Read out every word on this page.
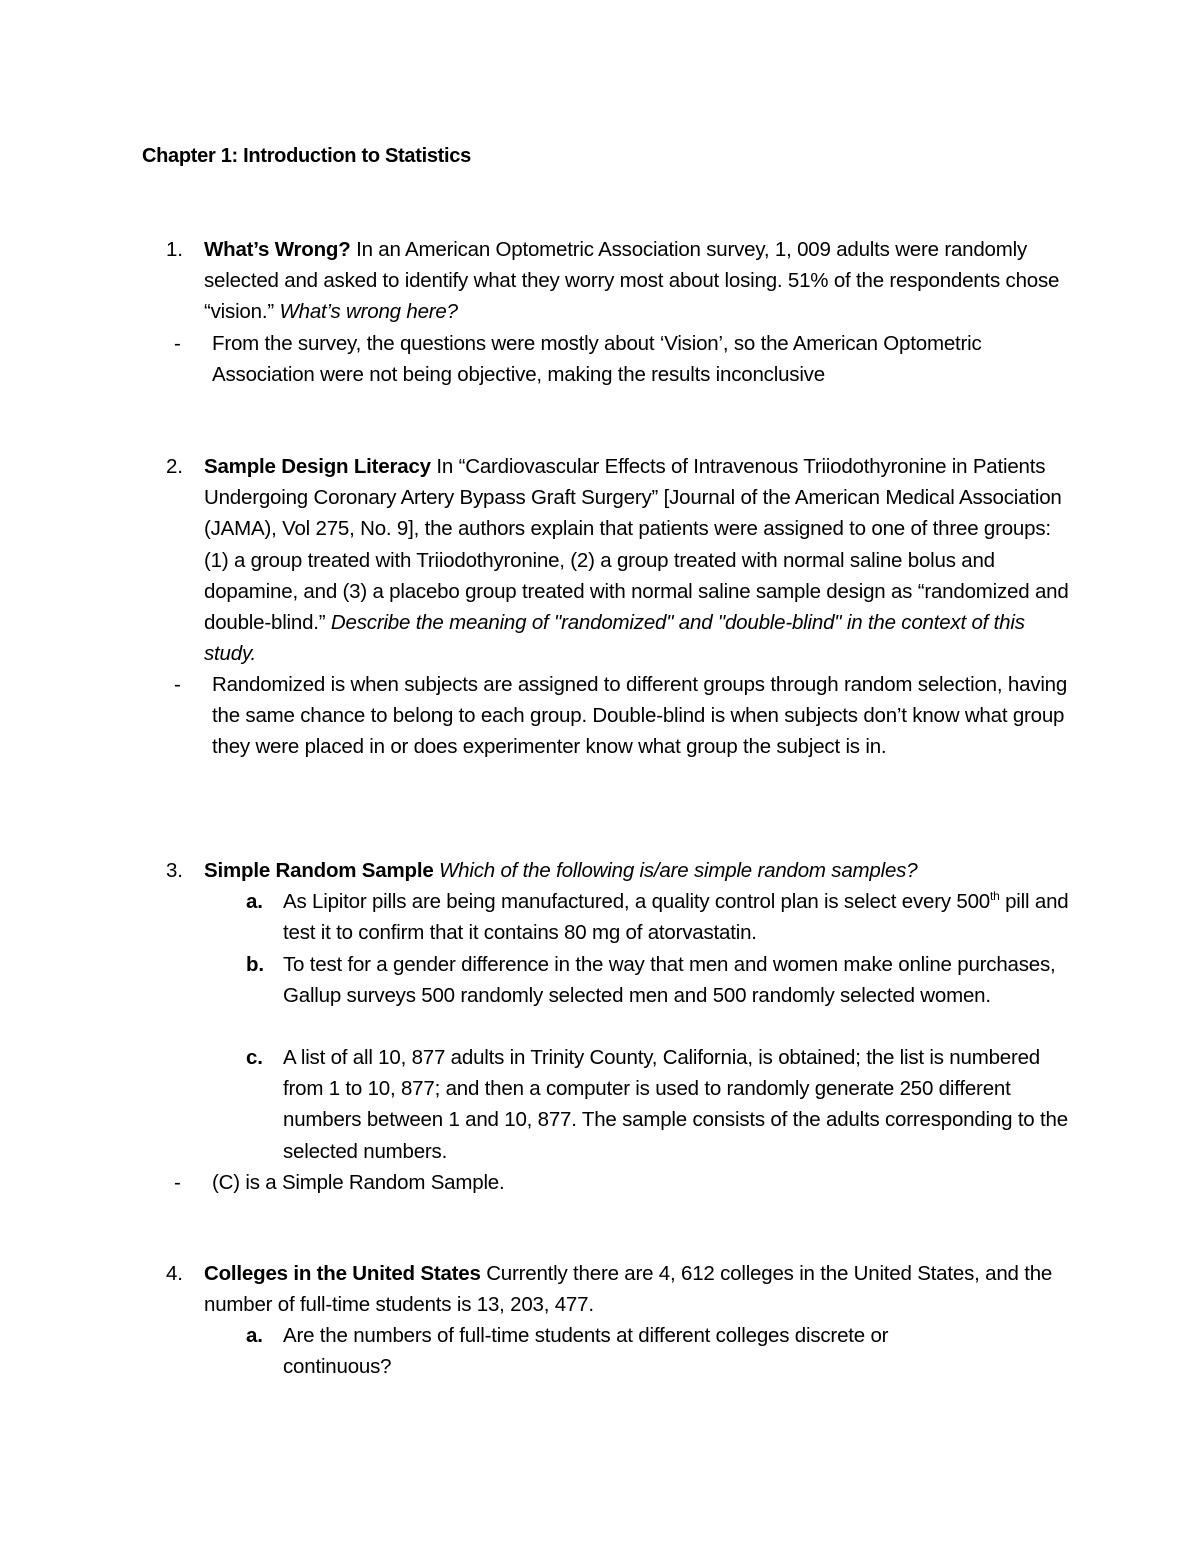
Chapter 1: Introduction to Statistics
1. What’s Wrong? In an American Optometric Association survey, 1, 009 adults were randomly selected and asked to identify what they worry most about losing. 51% of the respondents chose “vision.” What’s wrong here?
- From the survey, the questions were mostly about ‘Vision’, so the American Optometric Association were not being objective, making the results inconclusive
2. Sample Design Literacy In “Cardiovascular Effects of Intravenous Triiodothyronine in Patients Undergoing Coronary Artery Bypass Graft Surgery” [Journal of the American Medical Association (JAMA), Vol 275, No. 9], the authors explain that patients were assigned to one of three groups: (1) a group treated with Triiodothyronine, (2) a group treated with normal saline bolus and dopamine, and (3) a placebo group treated with normal saline sample design as “randomized and double-blind.” Describe the meaning of "randomized" and "double-blind" in the context of this study.
- Randomized is when subjects are assigned to different groups through random selection, having the same chance to belong to each group. Double-blind is when subjects don’t know what group they were placed in or does experimenter know what group the subject is in.
3. Simple Random Sample Which of the following is/are simple random samples?
a. As Lipitor pills are being manufactured, a quality control plan is select every 500th pill and test it to confirm that it contains 80 mg of atorvastatin.
b. To test for a gender difference in the way that men and women make online purchases, Gallup surveys 500 randomly selected men and 500 randomly selected women.
c. A list of all 10, 877 adults in Trinity County, California, is obtained; the list is numbered from 1 to 10, 877; and then a computer is used to randomly generate 250 different numbers between 1 and 10, 877. The sample consists of the adults corresponding to the selected numbers.
- (C) is a Simple Random Sample.
4. Colleges in the United States Currently there are 4, 612 colleges in the United States, and the number of full-time students is 13, 203, 477.
a. Are the numbers of full-time students at different colleges discrete or continuous?
